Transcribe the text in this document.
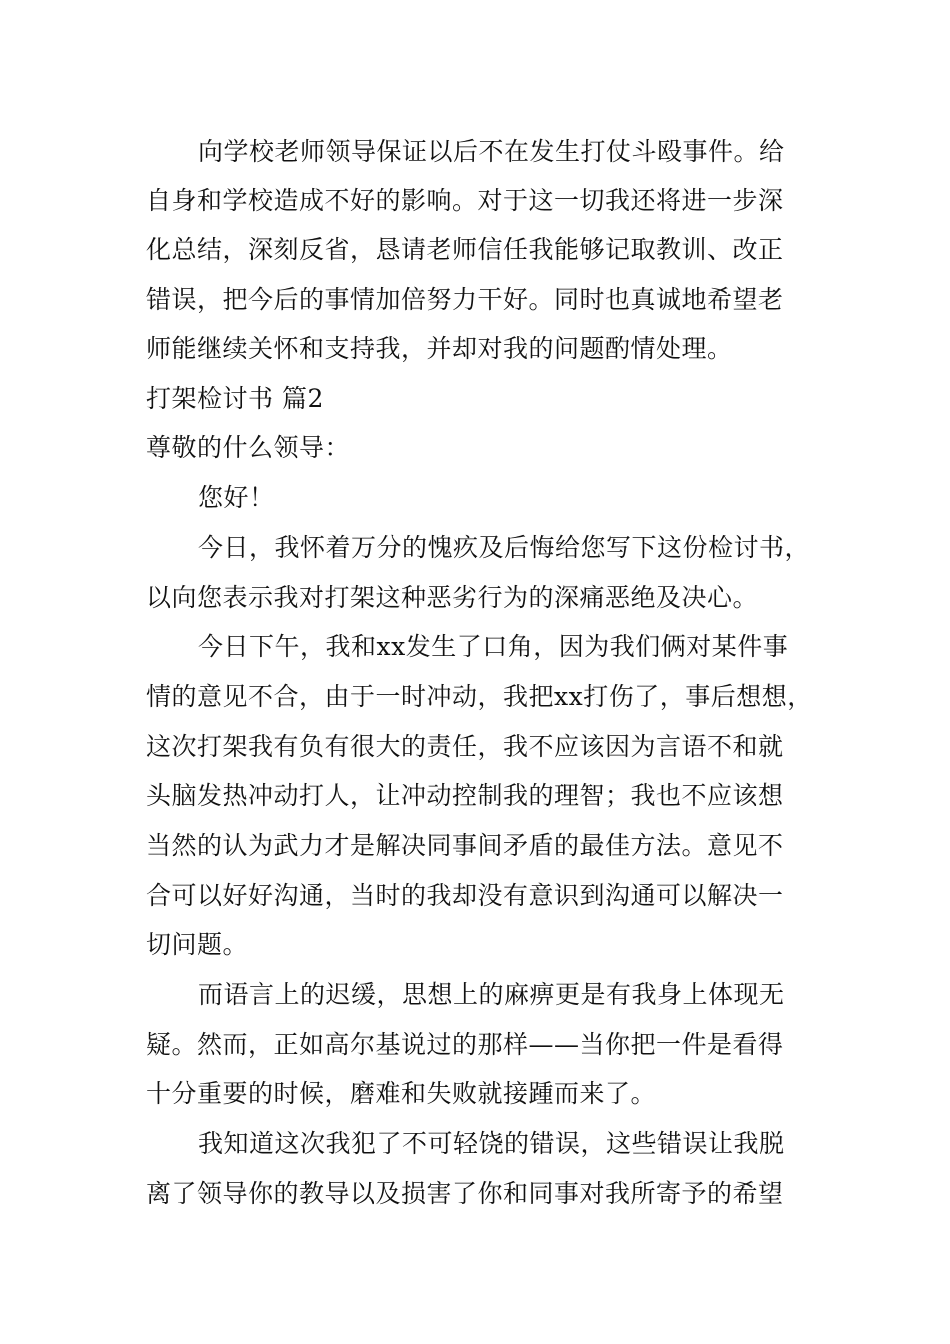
向学校老师领导保证以后不在发生打仗斗殴事件。给
自身和学校造成不好的影响。对于这一切我还将进一步深
化总结，深刻反省，恳请老师信任我能够记取教训、改正
错误，把今后的事情加倍努力干好。同时也真诚地希望老
师能继续关怀和支持我，并却对我的问题酌情处理。
打架检讨书 篇2
尊敬的什么领导：
您好！
今日，我怀着万分的愧疚及后悔给您写下这份检讨书，
以向您表示我对打架这种恶劣行为的深痛恶绝及决心。
今日下午，我和xx发生了口角，因为我们俩对某件事
情的意见不合，由于一时冲动，我把xx打伤了，事后想想，
这次打架我有负有很大的责任，我不应该因为言语不和就
头脑发热冲动打人，让冲动控制我的理智；我也不应该想
当然的认为武力才是解决同事间矛盾的最佳方法。意见不
合可以好好沟通，当时的我却没有意识到沟通可以解决一
切问题。
而语言上的迟缓，思想上的麻痹更是有我身上体现无
疑。然而，正如高尔基说过的那样——当你把一件是看得
十分重要的时候，磨难和失败就接踵而来了。
我知道这次我犯了不可轻饶的错误，这些错误让我脱
离了领导你的教导以及损害了你和同事对我所寄予的希望
